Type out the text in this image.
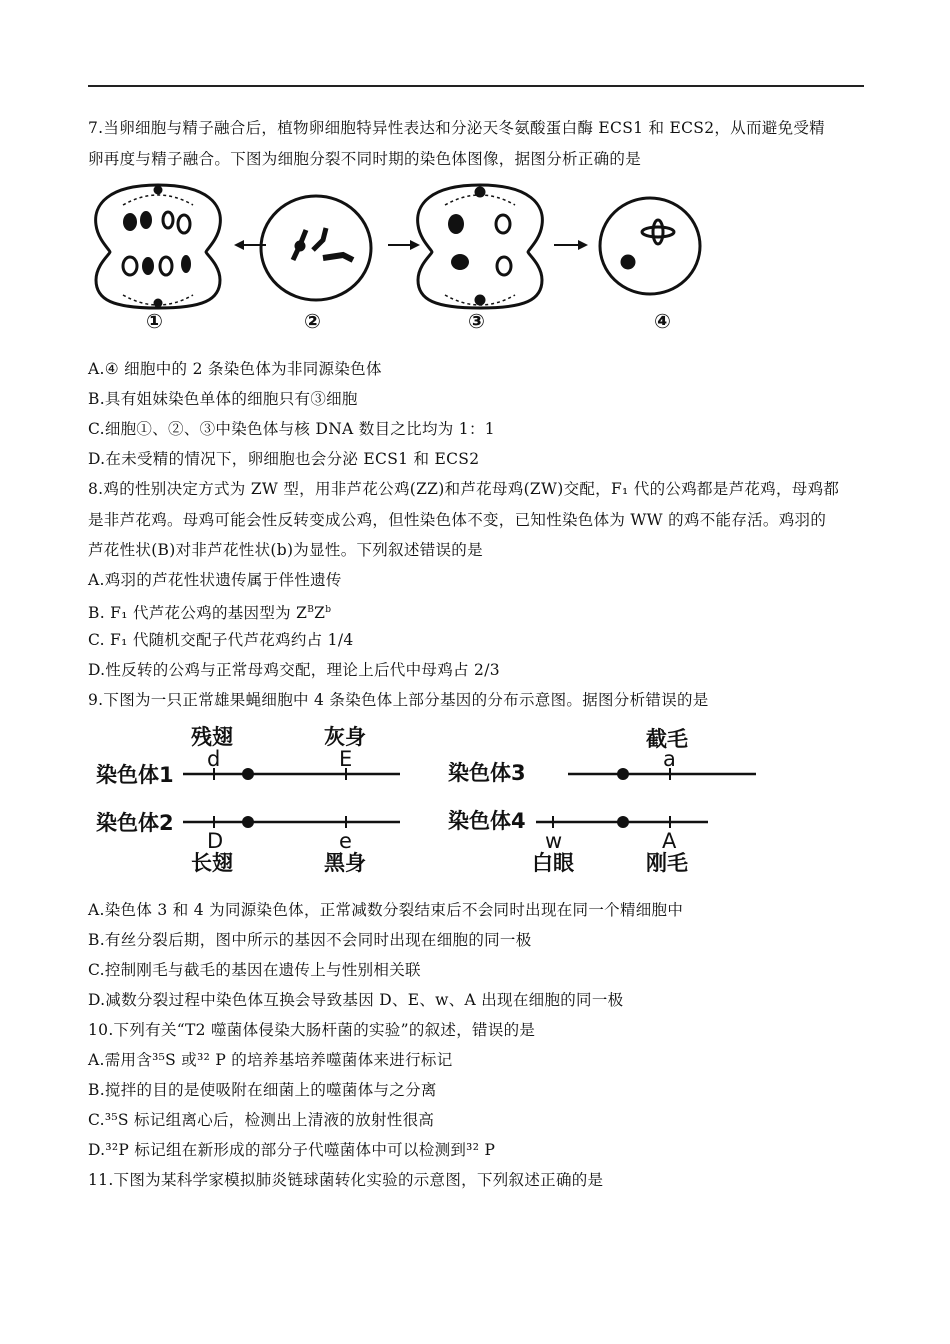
7.当卵细胞与精子融合后，植物卵细胞特异性表达和分泌天冬氨酸蛋白酶 ECS1 和 ECS2，从而避免受精
卵再度与精子融合。下图为细胞分裂不同时期的染色体图像，据图分析正确的是
①	②	③	④
A.④ 细胞中的 2 条染色体为非同源染色体
B.具有姐妹染色单体的细胞只有③细胞
C.细胞①、②、③中染色体与核 DNA 数目之比均为 1：1
D.在未受精的情况下，卵细胞也会分泌 ECS1 和 ECS2
8.鸡的性别决定方式为 ZW 型，用非芦花公鸡(ZZ)和芦花母鸡(ZW)交配，F₁ 代的公鸡都是芦花鸡，母鸡都
是非芦花鸡。母鸡可能会性反转变成公鸡，但性染色体不变，已知性染色体为 WW 的鸡不能存活。鸡羽的
芦花性状(B)对非芦花性状(b)为显性。下列叙述错误的是
A.鸡羽的芦花性状遗传属于伴性遗传
B. F₁ 代芦花公鸡的基因型为 $Z^BZ^b$
C. F₁ 代随机交配子代芦花鸡约占 1/4
D.性反转的公鸡与正常母鸡交配，理论上后代中母鸡占 2/3
9.下图为一只正常雄果蝇细胞中 4 条染色体上部分基因的分布示意图。据图分析错误的是
染色体1
残翅
d
灰身
E
染色体2
D
长翅
e
黑身
染色体3
截毛
a
染色体4
w
白眼
A
刚毛
A.染色体 3 和 4 为同源染色体，正常减数分裂结束后不会同时出现在同一个精细胞中
B.有丝分裂后期，图中所示的基因不会同时出现在细胞的同一极
C.控制刚毛与截毛的基因在遗传上与性别相关联
D.减数分裂过程中染色体互换会导致基因 D、E、w、A 出现在细胞的同一极
10.下列有关“T2 噬菌体侵染大肠杆菌的实验”的叙述，错误的是
A.需用含³⁵S 或³² P 的培养基培养噬菌体来进行标记
B.搅拌的目的是使吸附在细菌上的噬菌体与之分离
C.³⁵S 标记组离心后，检测出上清液的放射性很高
D.³²P 标记组在新形成的部分子代噬菌体中可以检测到³² P
11.下图为某科学家模拟肺炎链球菌转化实验的示意图，下列叙述正确的是
